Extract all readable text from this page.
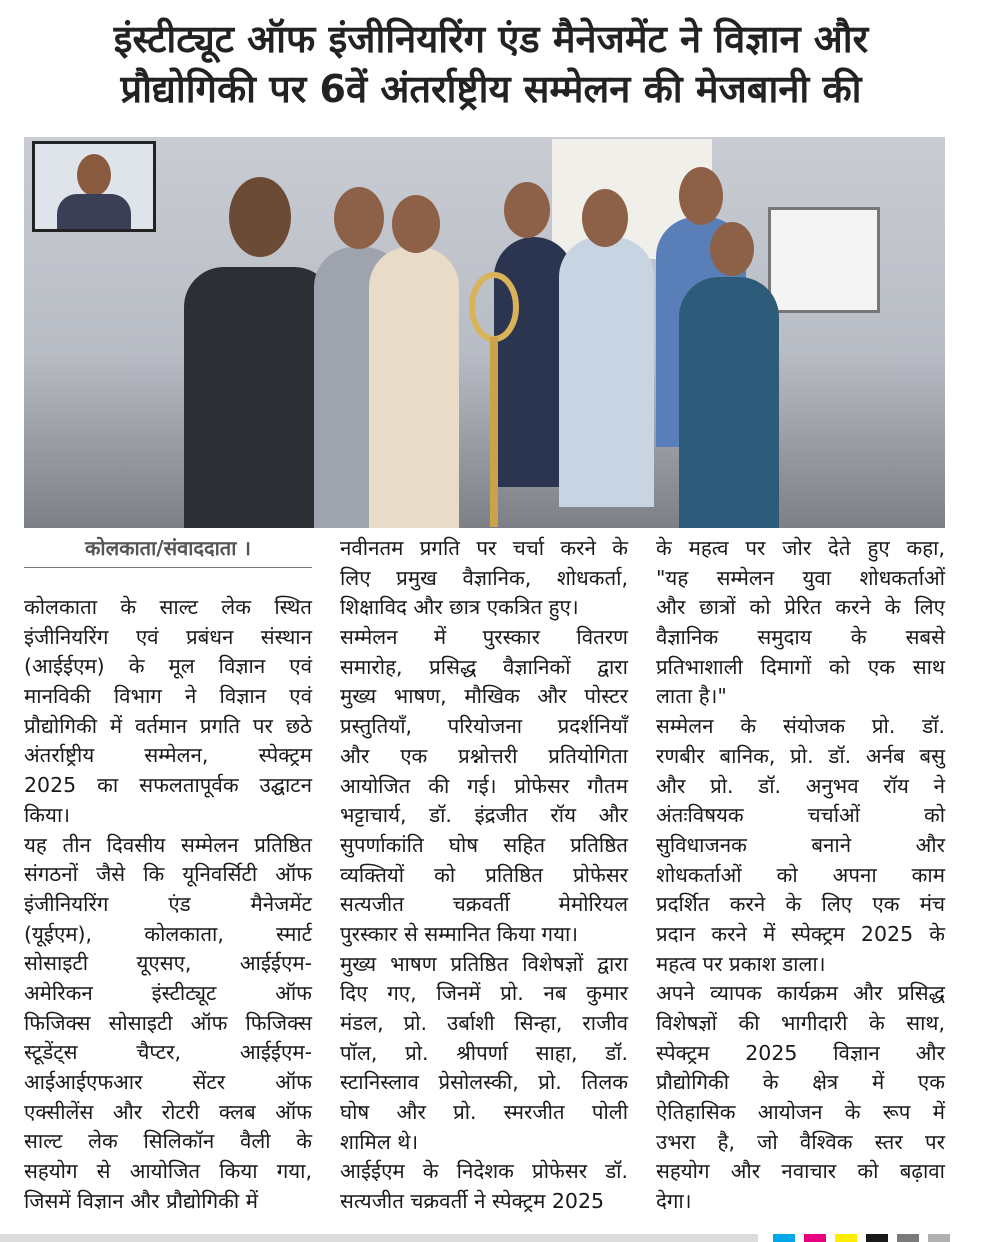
इंस्टीट्यूट ऑफ इंजीनियरिंग एंड मैनेजमेंट ने विज्ञान और
प्रौद्योगिकी पर 6वें अंतर्राष्ट्रीय सम्मेलन की मेजबानी की
कोलकाता/संवाददाता ।
कोलकाता के साल्ट लेक स्थित
इंजीनियरिंग एवं प्रबंधन संस्थान
(आईईएम) के मूल विज्ञान एवं
मानविकी विभाग ने विज्ञान एवं
प्रौद्योगिकी में वर्तमान प्रगति पर छठे
अंतर्राष्ट्रीय सम्मेलन, स्पेक्ट्रम
2025 का सफलतापूर्वक उद्घाटन
किया।
यह तीन दिवसीय सम्मेलन प्रतिष्ठित
संगठनों जैसे कि यूनिवर्सिटी ऑफ
इंजीनियरिंग एंड मैनेजमेंट
(यूईएम), कोलकाता, स्मार्ट
सोसाइटी यूएसए, आईईएम-
अमेरिकन इंस्टीट्यूट ऑफ
फिजिक्स सोसाइटी ऑफ फिजिक्स
स्टूडेंट्स चैप्टर, आईईएम-
आईआईएफआर सेंटर ऑफ
एक्सीलेंस और रोटरी क्लब ऑफ
साल्ट लेक सिलिकॉन वैली के
सहयोग से आयोजित किया गया,
जिसमें विज्ञान और प्रौद्योगिकी में
नवीनतम प्रगति पर चर्चा करने के
लिए प्रमुख वैज्ञानिक, शोधकर्ता,
शिक्षाविद और छात्र एकत्रित हुए।
सम्मेलन में पुरस्कार वितरण
समारोह, प्रसिद्ध वैज्ञानिकों द्वारा
मुख्य भाषण, मौखिक और पोस्टर
प्रस्तुतियाँ, परियोजना प्रदर्शनियाँ
और एक प्रश्नोत्तरी प्रतियोगिता
आयोजित की गई। प्रोफेसर गौतम
भट्टाचार्य, डॉ. इंद्रजीत रॉय और
सुपर्णाकांति घोष सहित प्रतिष्ठित
व्यक्तियों को प्रतिष्ठित प्रोफेसर
सत्यजीत चक्रवर्ती मेमोरियल
पुरस्कार से सम्मानित किया गया।
मुख्य भाषण प्रतिष्ठित विशेषज्ञों द्वारा
दिए गए, जिनमें प्रो. नब कुमार
मंडल, प्रो. उर्बाशी सिन्हा, राजीव
पॉल, प्रो. श्रीपर्णा साहा, डॉ.
स्टानिस्लाव प्रेसोलस्की, प्रो. तिलक
घोष और प्रो. स्मरजीत पोली
शामिल थे।
आईईएम के निदेशक प्रोफेसर डॉ.
सत्यजीत चक्रवर्ती ने स्पेक्ट्रम 2025
के महत्व पर जोर देते हुए कहा,
"यह सम्मेलन युवा शोधकर्ताओं
और छात्रों को प्रेरित करने के लिए
वैज्ञानिक समुदाय के सबसे
प्रतिभाशाली दिमागों को एक साथ
लाता है।"
सम्मेलन के संयोजक प्रो. डॉ.
रणबीर बानिक, प्रो. डॉ. अर्नब बसु
और प्रो. डॉ. अनुभव रॉय ने
अंतःविषयक चर्चाओं को
सुविधाजनक बनाने और
शोधकर्ताओं को अपना काम
प्रदर्शित करने के लिए एक मंच
प्रदान करने में स्पेक्ट्रम 2025 के
महत्व पर प्रकाश डाला।
अपने व्यापक कार्यक्रम और प्रसिद्ध
विशेषज्ञों की भागीदारी के साथ,
स्पेक्ट्रम 2025 विज्ञान और
प्रौद्योगिकी के क्षेत्र में एक
ऐतिहासिक आयोजन के रूप में
उभरा है, जो वैश्विक स्तर पर
सहयोग और नवाचार को बढ़ावा
देगा।
